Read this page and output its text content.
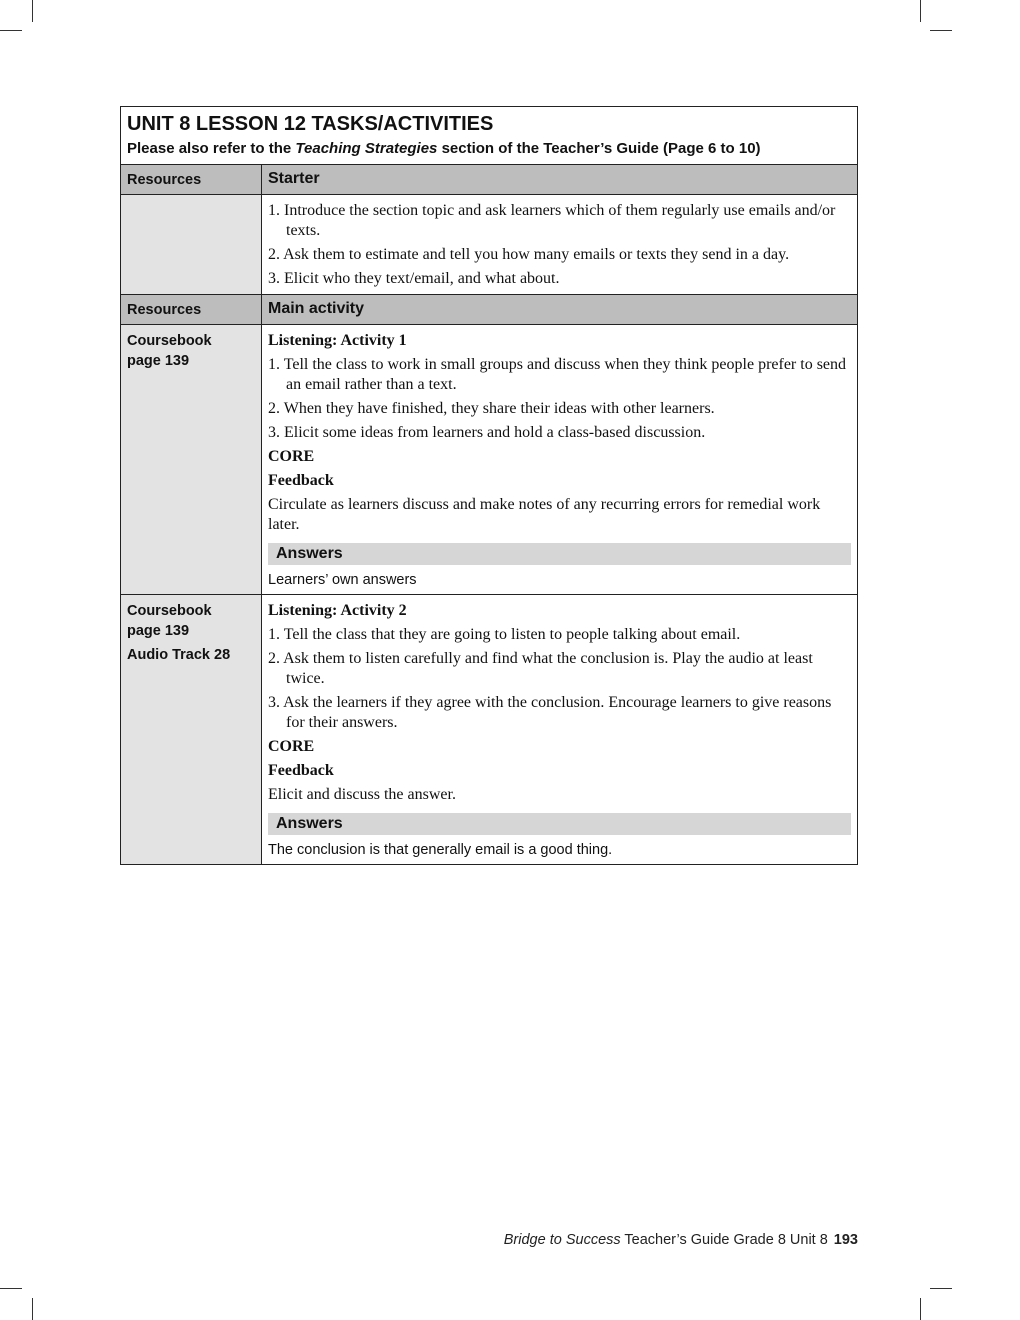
UNIT 8 LESSON 12 TASKS/ACTIVITIES
Please also refer to the Teaching Strategies section of the Teacher’s Guide (Page 6 to 10)
Resources	Starter

1. Introduce the section topic and ask learners which of them regularly use emails and/or texts.

2. Ask them to estimate and tell you how many emails or texts they send in a day.

3. Elicit who they text/email, and what about.

Resources	Main activity
Coursebook
page 139

Listening: Activity 1

1. Tell the class to work in small groups and discuss when they think people prefer to send an email rather than a text.

2. When they have finished, they share their ideas with other learners.

3. Elicit some ideas from learners and hold a class-based discussion.

CORE

Feedback

Circulate as learners discuss and make notes of any recurring errors for remedial work later.

Answers
Learners’ own answers
Coursebook
page 139
Audio Track 28

Listening: Activity 2

1. Tell the class that they are going to listen to people talking about email.

2. Ask them to listen carefully and find what the conclusion is. Play the audio at least twice.

3. Ask the learners if they agree with the conclusion. Encourage learners to give reasons for their answers.

CORE

Feedback

Elicit and discuss the answer.

Answers
The conclusion is that generally email is a good thing.
Bridge to Success Teacher’s Guide Grade 8 Unit 8 193
